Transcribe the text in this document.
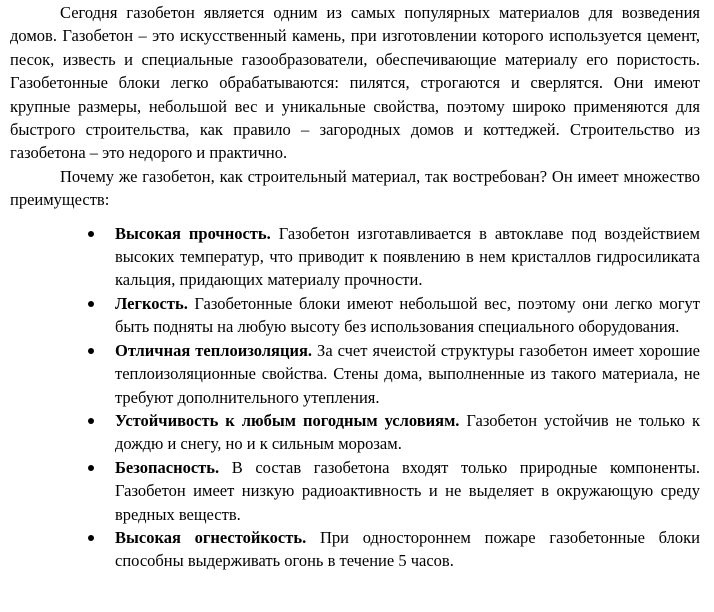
Сегодня газобетон является одним из самых популярных материалов для возведения домов. Газобетон – это искусственный камень, при изготовлении которого используется цемент, песок, известь и специальные газообразователи, обеспечивающие материалу его пористость. Газобетонные блоки легко обрабатываются: пилятся, строгаются и сверлятся. Они имеют крупные размеры, небольшой вес и уникальные свойства, поэтому широко применяются для быстрого строительства, как правило – загородных домов и коттеджей. Строительство из газобетона – это недорого и практично.

Почему же газобетон, как строительный материал, так востребован? Он имеет множество преимуществ:

Высокая прочность. Газобетон изготавливается в автоклаве под воздействием высоких температур, что приводит к появлению в нем кристаллов гидросиликата кальция, придающих материалу прочности.
Легкость. Газобетонные блоки имеют небольшой вес, поэтому они легко могут быть подняты на любую высоту без использования специального оборудования.
Отличная теплоизоляция. За счет ячеистой структуры газобетон имеет хорошие теплоизоляционные свойства. Стены дома, выполненные из такого материала, не требуют дополнительного утепления.
Устойчивость к любым погодным условиям. Газобетон устойчив не только к дождю и снегу, но и к сильным морозам.
Безопасность. В состав газобетона входят только природные компоненты. Газобетон имеет низкую радиоактивность и не выделяет в окружающую среду вредных веществ.
Высокая огнестойкость. При одностороннем пожаре газобетонные блоки способны выдерживать огонь в течение 5 часов.
